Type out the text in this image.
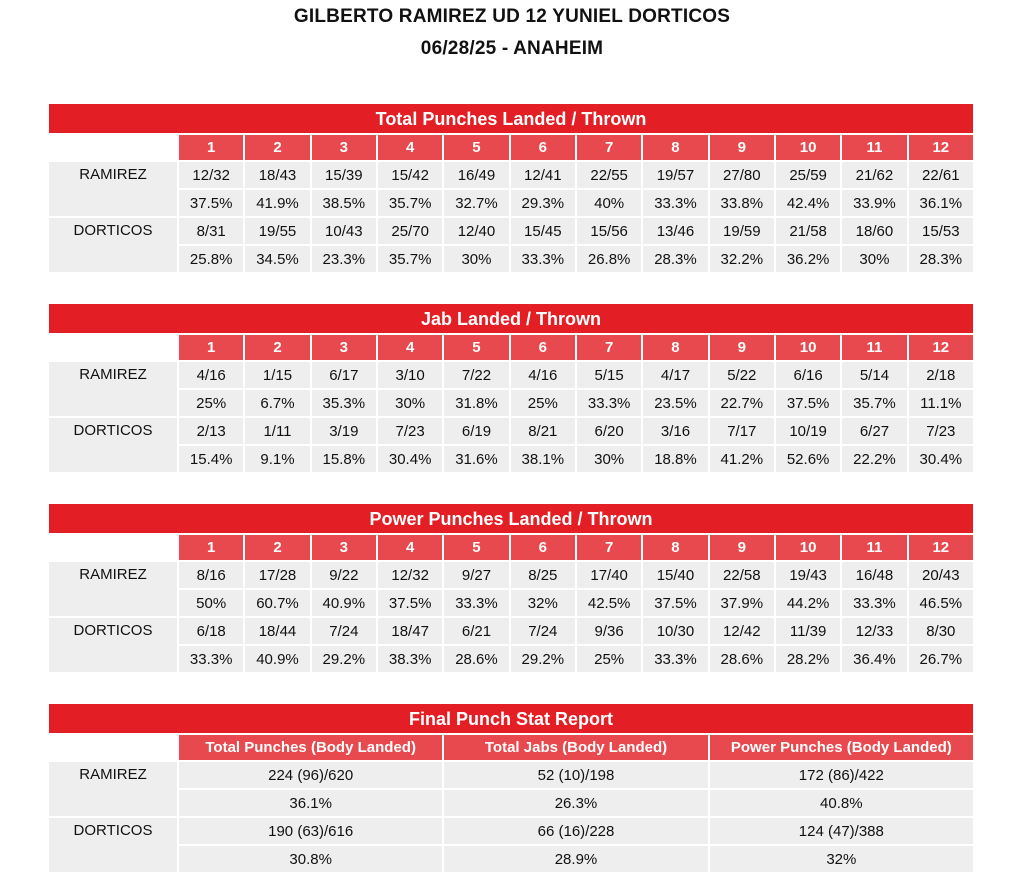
GILBERTO RAMIREZ UD 12 YUNIEL DORTICOS
06/28/25 - ANAHEIM
Total Punches Landed / Thrown
	1	2	3	4	5	6	7	8	9	10	11	12
RAMIREZ	12/32	18/43	15/39	15/42	16/49	12/41	22/55	19/57	27/80	25/59	21/62	22/61
	37.5%	41.9%	38.5%	35.7%	32.7%	29.3%	40%	33.3%	33.8%	42.4%	33.9%	36.1%
DORTICOS	8/31	19/55	10/43	25/70	12/40	15/45	15/56	13/46	19/59	21/58	18/60	15/53
	25.8%	34.5%	23.3%	35.7%	30%	33.3%	26.8%	28.3%	32.2%	36.2%	30%	28.3%
Jab Landed / Thrown
	1	2	3	4	5	6	7	8	9	10	11	12
RAMIREZ	4/16	1/15	6/17	3/10	7/22	4/16	5/15	4/17	5/22	6/16	5/14	2/18
	25%	6.7%	35.3%	30%	31.8%	25%	33.3%	23.5%	22.7%	37.5%	35.7%	11.1%
DORTICOS	2/13	1/11	3/19	7/23	6/19	8/21	6/20	3/16	7/17	10/19	6/27	7/23
	15.4%	9.1%	15.8%	30.4%	31.6%	38.1%	30%	18.8%	41.2%	52.6%	22.2%	30.4%
Power Punches Landed / Thrown
	1	2	3	4	5	6	7	8	9	10	11	12
RAMIREZ	8/16	17/28	9/22	12/32	9/27	8/25	17/40	15/40	22/58	19/43	16/48	20/43
	50%	60.7%	40.9%	37.5%	33.3%	32%	42.5%	37.5%	37.9%	44.2%	33.3%	46.5%
DORTICOS	6/18	18/44	7/24	18/47	6/21	7/24	9/36	10/30	12/42	11/39	12/33	8/30
	33.3%	40.9%	29.2%	38.3%	28.6%	29.2%	25%	33.3%	28.6%	28.2%	36.4%	26.7%
Final Punch Stat Report
	Total Punches (Body Landed)	Total Jabs (Body Landed)	Power Punches (Body Landed)
RAMIREZ	224 (96)/620	52 (10)/198	172 (86)/422
	36.1%	26.3%	40.8%
DORTICOS	190 (63)/616	66 (16)/228	124 (47)/388
	30.8%	28.9%	32%
